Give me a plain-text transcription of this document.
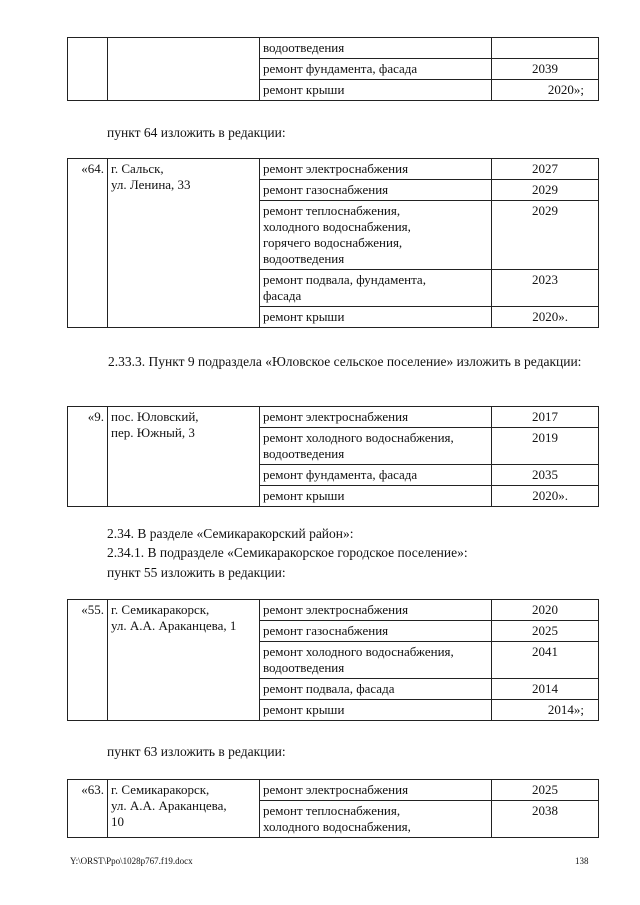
		водоотведения	
		ремонт фундамента, фасада	2039
		ремонт крыши	2020»;
пункт 64 изложить в редакции:
«64.	г. Сальск,
ул. Ленина, 33	ремонт электроснабжения	2027
		ремонт газоснабжения	2029

		ремонт теплоснабжения,
холодного водоснабжения,
горячего водоснабжения,
водоотведения	2029

		ремонт подвала, фундамента,
фасада	2023
		ремонт крыши	2020».
2.33.3. Пункт 9 подраздела «Юловское сельское поселение» изложить в редакции:
«9.	пос. Юловский,
пер. Южный, 3	ремонт электроснабжения	2017

		ремонт холодного водоснабжения,
водоотведения	2019
		ремонт фундамента, фасада	2035
		ремонт крыши	2020».
2.34. В разделе «Семикаракорский район»:
2.34.1. В подразделе «Семикаракорское городское поселение»:
пункт 55 изложить в редакции:
«55.	г. Семикаракорск,
ул. А.А. Араканцева, 1	ремонт электроснабжения	2020
		ремонт газоснабжения	2025

		ремонт холодного водоснабжения,
водоотведения	2041
		ремонт подвала, фасада	2014
		ремонт крыши	2014»;
пункт 63 изложить в редакции:
«63.	г. Семикаракорск,
ул. А.А. Араканцева,
10	ремонт электроснабжения	2025

		ремонт теплоснабжения,
холодного водоснабжения,	2038
Y:\ORST\Ppo\1028p767.f19.docx	138
